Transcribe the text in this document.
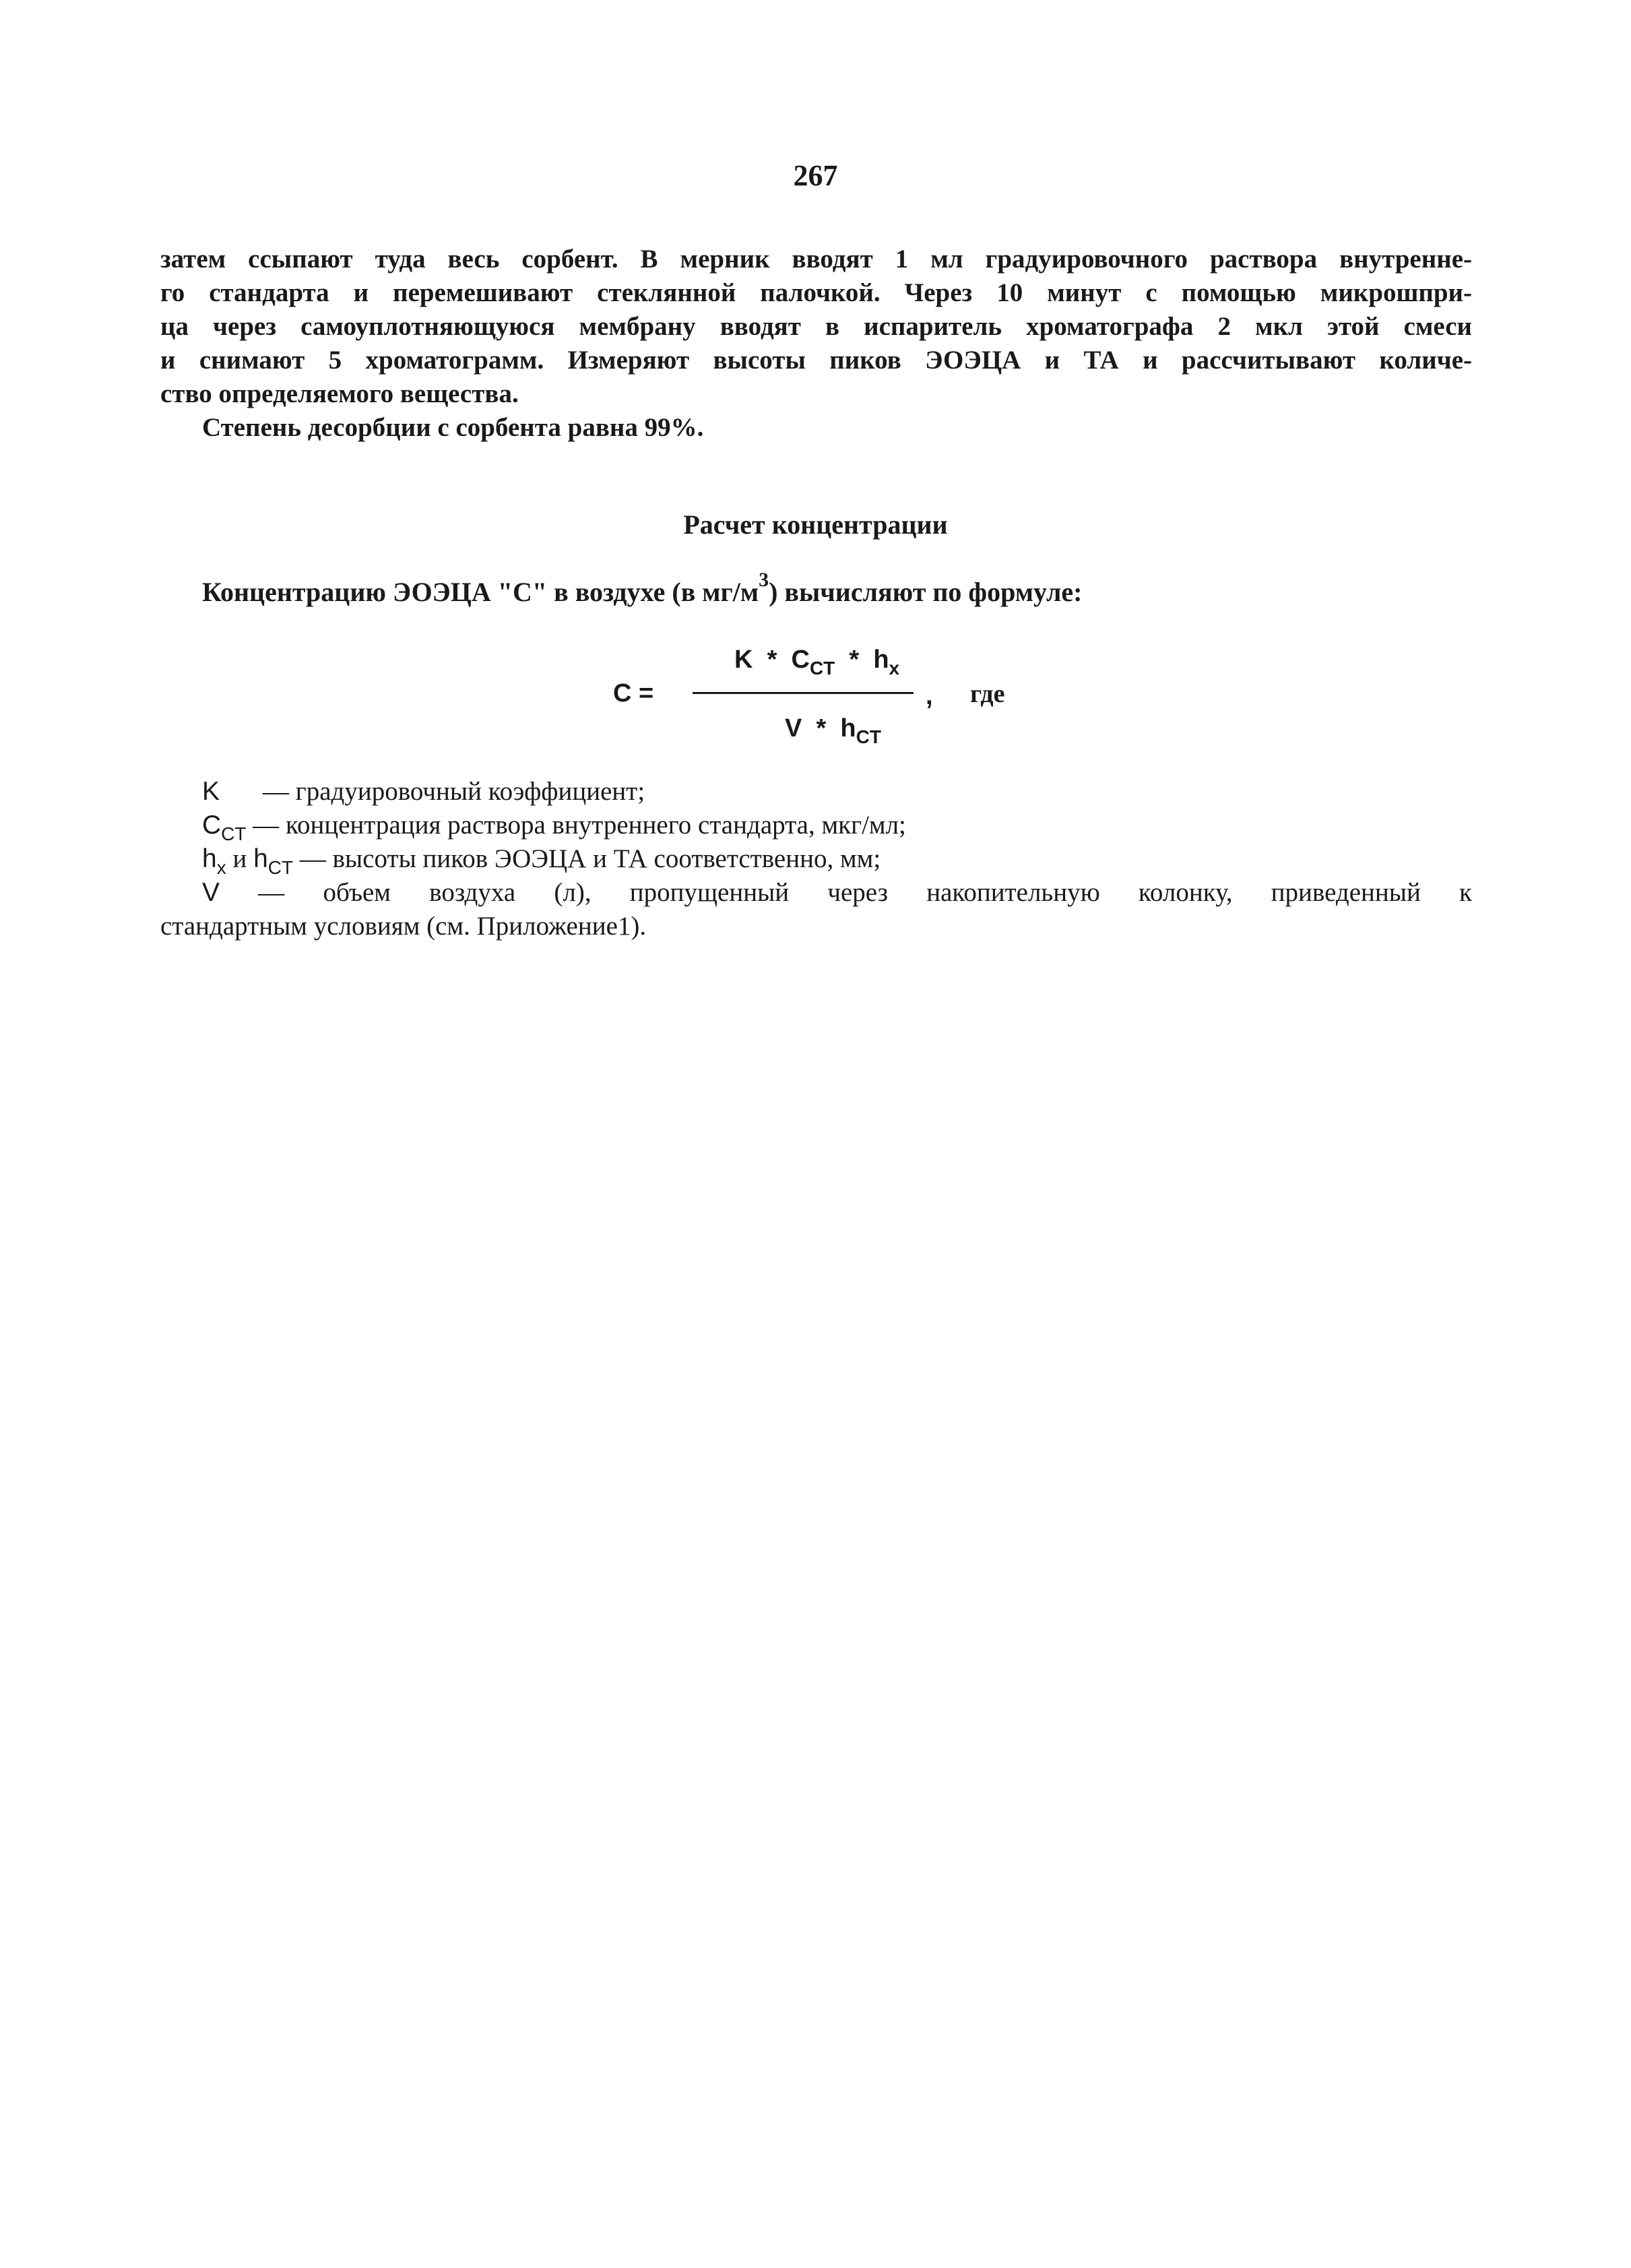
267
затем ссыпают туда весь сорбент. В мерник вводят 1 мл градуировочного раствора внутренне-
го стандарта и перемешивают стеклянной палочкой. Через 10 минут с помощью микрошпри-
ца через самоуплотняющуюся мембрану вводят в испаритель хроматографа 2 мкл этой смеси
и снимают 5 хроматограмм. Измеряют высоты пиков ЭОЭЦА и ТА и рассчитывают количе-
ство определяемого вещества.
Степень десорбции с сорбента равна 99%.
Расчет концентрации
Концентрацию ЭОЭЦА "С" в воздухе (в $мг/м^3$) вычисляют по формуле:
C =
K * $C_{CT} * h_x$
V * $h_{CT}$
, где
K — градуировочный коэффициент;
$C_{CT}$ — концентрация раствора внутреннего стандарта, мкг/мл;
$h_x$ и $h_{CT}$ — высоты пиков ЭОЭЦА и ТА соответственно, мм;
V — объем воздуха (л), пропущенный через накопительную колонку, приведенный к
стандартным условиям (см. Приложение1).
